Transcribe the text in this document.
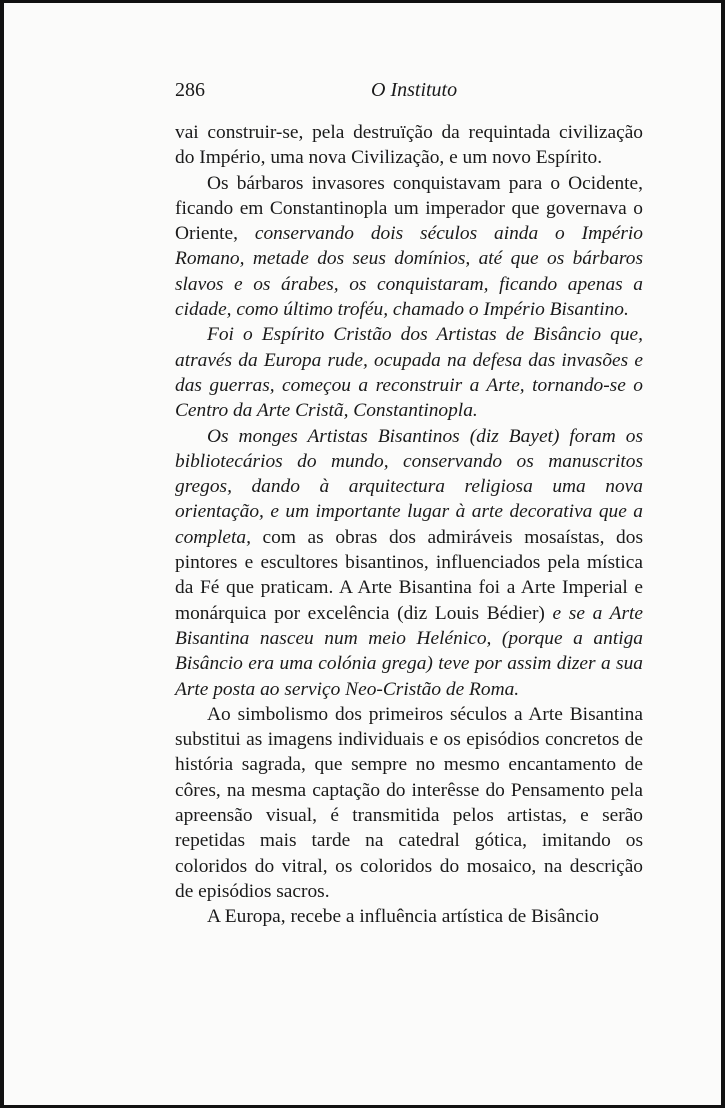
286	O Instituto

vai construir-se, pela destruïção da requintada civilização do Império, uma nova Civilização, e um novo Espírito.

Os bárbaros invasores conquistavam para o Ocidente, ficando em Constantinopla um imperador que governava o Oriente, conservando dois séculos ainda o Império Romano, metade dos seus domínios, até que os bárbaros slavos e os árabes, os conquistaram, ficando apenas a cidade, como último troféu, chamado o Império Bisantino.

Foi o Espírito Cristão dos Artistas de Bisâncio que, através da Europa rude, ocupada na defesa das invasões e das guerras, começou a reconstruir a Arte, tornando-se o Centro da Arte Cristã, Constantinopla.

Os monges Artistas Bisantinos (diz Bayet) foram os bibliotecários do mundo, conservando os manuscritos gregos, dando à arquitectura religiosa uma nova orientação, e um importante lugar à arte decorativa que a completa, com as obras dos admiráveis mosaístas, dos pintores e escultores bisantinos, influenciados pela mística da Fé que praticam. A Arte Bisantina foi a Arte Imperial e monárquica por excelência (diz Louis Bédier) e se a Arte Bisantina nasceu num meio Helénico, (porque a antiga Bisâncio era uma colónia grega) teve por assim dizer a sua Arte posta ao serviço Neo-Cristão de Roma.

Ao simbolismo dos primeiros séculos a Arte Bisantina substitui as imagens individuais e os episódios concretos de história sagrada, que sempre no mesmo encantamento de côres, na mesma captação do interêsse do Pensamento pela apreensão visual, é transmitida pelos artistas, e serão repetidas mais tarde na catedral gótica, imitando os coloridos do vitral, os coloridos do mosaico, na descrição de episódios sacros.

A Europa, recebe a influência artística de Bisâncio
